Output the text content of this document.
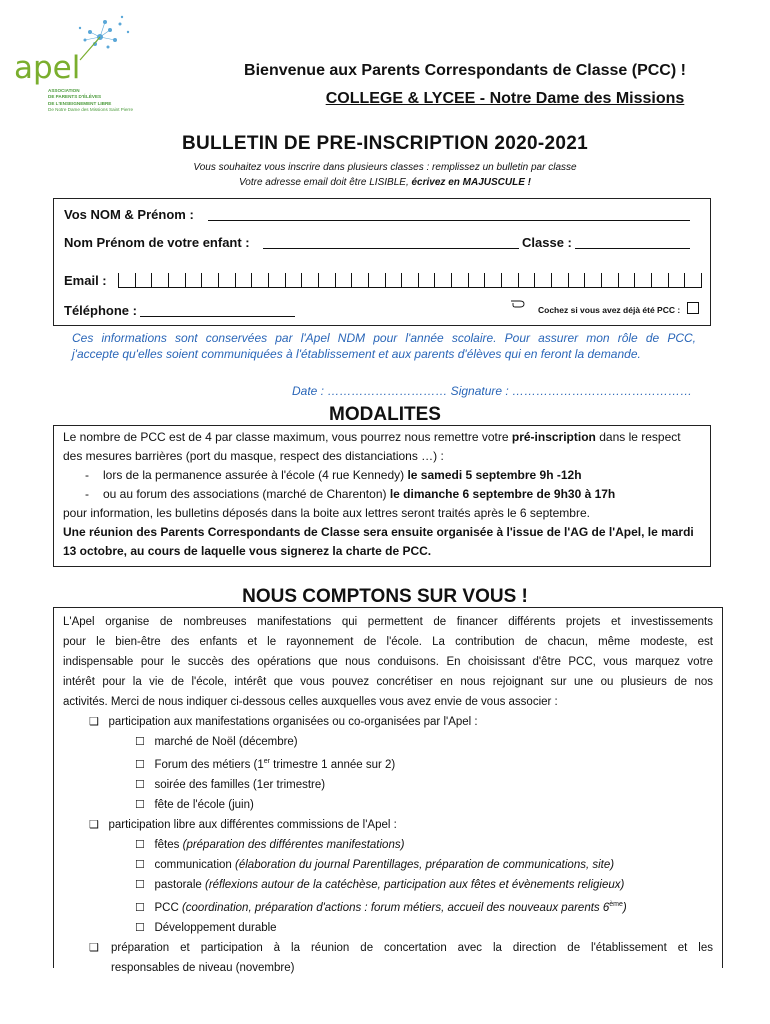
apel
ASSOCIATION
DE PARENTS D'ÉLÈVES
DE L'ENSEIGNEMENT LIBRE
De Notre Dame des Missions Saint Pierre
Bienvenue aux Parents Correspondants de Classe (PCC) !
COLLEGE & LYCEE - Notre Dame des Missions
BULLETIN DE PRE-INSCRIPTION 2020-2021
Vous souhaitez vous inscrire dans plusieurs classes : remplissez un bulletin par classe
Votre adresse email doit être LISIBLE, écrivez en MAJUSCULE !
Vos NOM & Prénom :
Nom Prénom de votre enfant :	Classe :
Email :
Téléphone :	Cochez si vous avez déjà été PCC :
Ces informations sont conservées par l'Apel NDM pour l'année scolaire. Pour assurer mon rôle de PCC,
j'accepte qu'elles soient communiquées à l'établissement et aux parents d'élèves qui en feront la demande.
Date : ………………………… Signature : ………………………………………
MODALITES
Le nombre de PCC est de 4 par classe maximum, vous pourrez nous remettre votre pré-inscription dans le respect
des mesures barrières (port du masque, respect des distanciations …) :
- lors de la permanence assurée à l'école (4 rue Kennedy) le samedi 5 septembre 9h -12h
- ou au forum des associations (marché de Charenton) le dimanche 6 septembre de 9h30 à 17h
pour information, les bulletins déposés dans la boite aux lettres seront traités après le 6 septembre.
Une réunion des Parents Correspondants de Classe sera ensuite organisée à l'issue de l'AG de l'Apel, le mardi
13 octobre, au cours de laquelle vous signerez la charte de PCC.
NOUS COMPTONS SUR VOUS !
L'Apel organise de nombreuses manifestations qui permettent de financer différents projets et investissements
pour le bien-être des enfants et le rayonnement de l'école. La contribution de chacun, même modeste, est
indispensable pour le succès des opérations que nous conduisons. En choisissant d'être PCC, vous marquez votre
intérêt pour la vie de l'école, intérêt que vous pouvez concrétiser en nous rejoignant sur une ou plusieurs de nos
activités. Merci de nous indiquer ci-dessous celles auxquelles vous avez envie de vous associer :
❑ participation aux manifestations organisées ou co-organisées par l'Apel :
☐ marché de Noël (décembre)
☐ Forum des métiers (1er trimestre 1 année sur 2)
☐ soirée des familles (1er trimestre)
☐ fête de l'école (juin)
❑ participation libre aux différentes commissions de l'Apel :
☐ fêtes (préparation des différentes manifestations)
☐ communication (élaboration du journal Parentillages, préparation de communications, site)
☐ pastorale (réflexions autour de la catéchèse, participation aux fêtes et évènements religieux)
☐ PCC (coordination, préparation d'actions : forum métiers, accueil des nouveaux parents 6ème)
☐ Développement durable
❑	préparation et participation à la réunion de concertation avec la direction de l'établissement et les
responsables de niveau (novembre)
